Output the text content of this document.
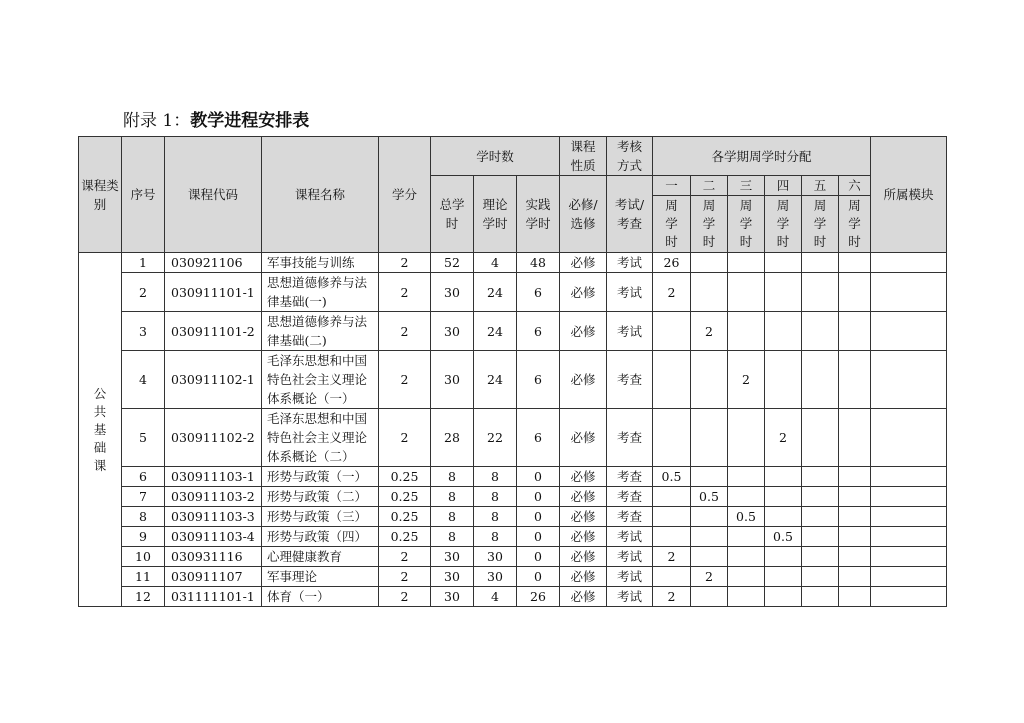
附录 1：教学进程安排表
课程类别	序号	课程代码	课程名称	学分	学时数			课程性质	考核方式	各学期周学时分配						所属模块
					总学时	理论学时	实践学时	必修/选修	考试/考查	一	二	三	四	五	六	

										周学时	周学时	周学时	周学时	周学时	周学时	

公共基础课	1	030921106	军事技能与训练	2	52	4	48	必修	考试	26						
	2	030911101-1	思想道德修养与法律基础(一)	2	30	24	6	必修	考试	2						
	3	030911101-2	思想道德修养与法律基础(二)	2	30	24	6	必修	考试		2					
	4	030911102-1	毛泽东思想和中国特色社会主义理论体系概论（一）	2	30	24	6	必修	考查			2				
	5	030911102-2	毛泽东思想和中国特色社会主义理论体系概论（二）	2	28	22	6	必修	考查				2			
	6	030911103-1	形势与政策（一）	0.25	8	8	0	必修	考查	0.5						
	7	030911103-2	形势与政策（二）	0.25	8	8	0	必修	考查		0.5					
	8	030911103-3	形势与政策（三）	0.25	8	8	0	必修	考查			0.5				
	9	030911103-4	形势与政策（四）	0.25	8	8	0	必修	考试				0.5			
	10	030931116	心理健康教育	2	30	30	0	必修	考试	2						
	11	030911107	军事理论	2	30	30	0	必修	考试		2					
	12	031111101-1	体育（一）	2	30	4	26	必修	考试	2						
